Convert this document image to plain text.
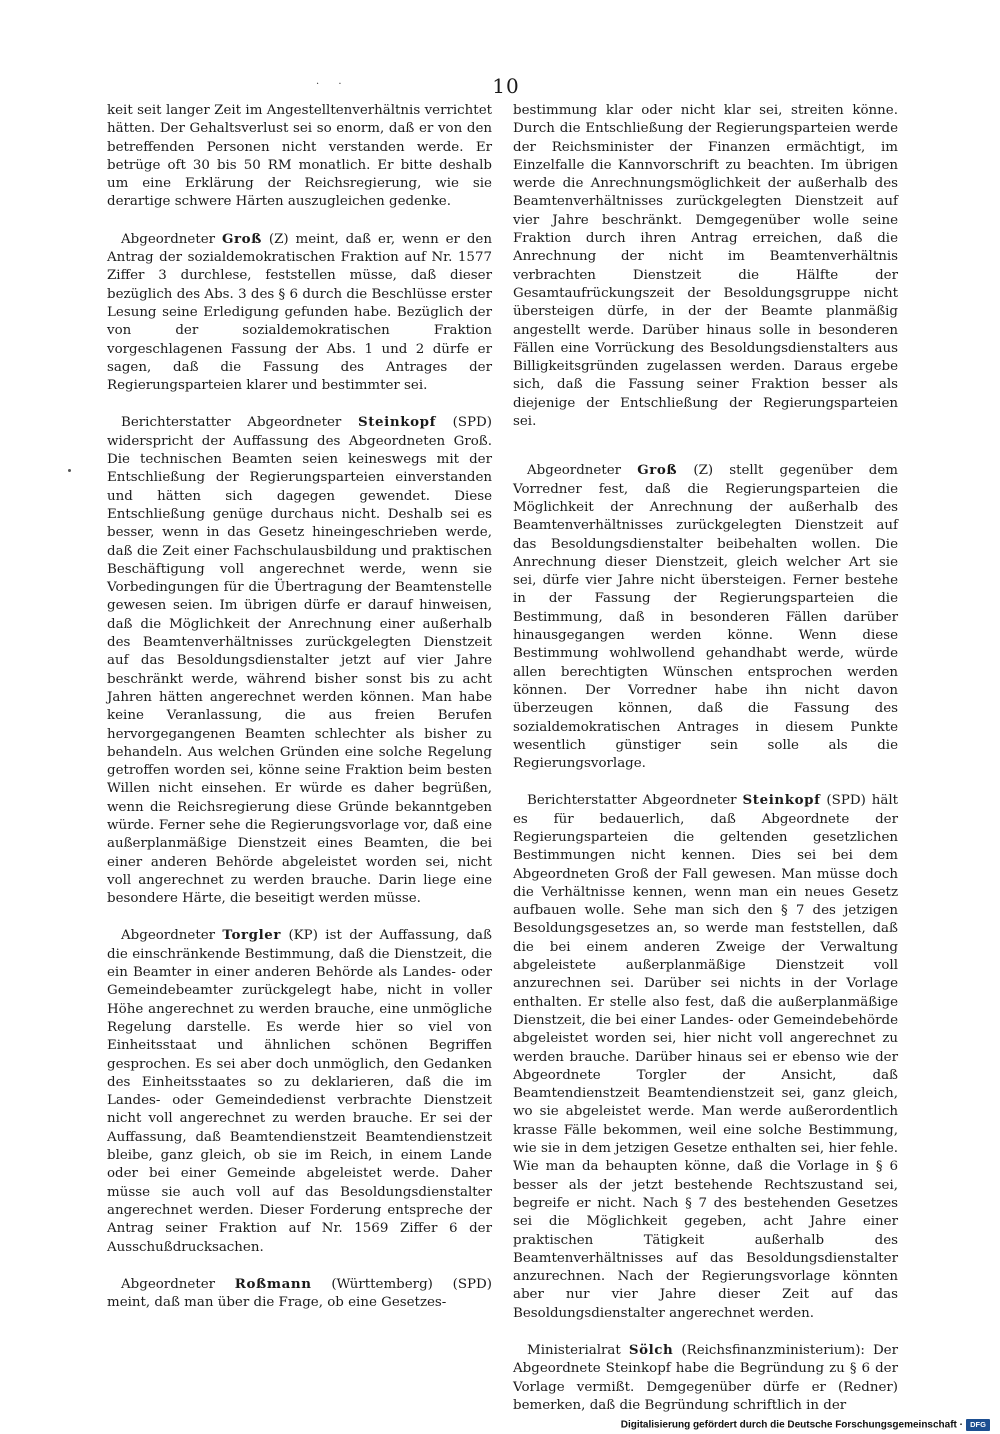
10
· ·

keit seit langer Zeit im Angestelltenverhältnis verrichtet hätten. Der Gehaltsverlust sei so enorm, daß er von den betreffenden Personen nicht verstanden werde. Er betrüge oft 30 bis 50 RM monatlich. Er bitte deshalb um eine Erklärung der Reichsregierung, wie sie derartige schwere Härten auszugleichen gedenke.

Abgeordneter Groß (Z) meint, daß er, wenn er den Antrag der sozialdemokratischen Fraktion auf Nr. 1577 Ziffer 3 durchlese, feststellen müsse, daß dieser bezüglich des Abs. 3 des § 6 durch die Beschlüsse erster Lesung seine Erledigung gefunden habe. Bezüglich der von der sozialdemokratischen Fraktion vorgeschlagenen Fassung der Abs. 1 und 2 dürfe er sagen, daß die Fassung des Antrages der Regierungsparteien klarer und bestimmter sei.

Berichterstatter Abgeordneter Steinkopf (SPD) widerspricht der Auffassung des Abgeordneten Groß. Die technischen Beamten seien keineswegs mit der Entschließung der Regierungsparteien einverstanden und hätten sich dagegen gewendet. Diese Entschließung genüge durchaus nicht. Deshalb sei es besser, wenn in das Gesetz hineingeschrieben werde, daß die Zeit einer Fachschulausbildung und praktischen Beschäftigung voll angerechnet werde, wenn sie Vorbedingungen für die Übertragung der Beamtenstelle gewesen seien. Im übrigen dürfe er darauf hinweisen, daß die Möglichkeit der Anrechnung einer außerhalb des Beamtenverhältnisses zurückgelegten Dienstzeit auf das Besoldungsdienstalter jetzt auf vier Jahre beschränkt werde, während bisher sonst bis zu acht Jahren hätten angerechnet werden können. Man habe keine Veranlassung, die aus freien Berufen hervorgegangenen Beamten schlechter als bisher zu behandeln. Aus welchen Gründen eine solche Regelung getroffen worden sei, könne seine Fraktion beim besten Willen nicht einsehen. Er würde es daher begrüßen, wenn die Reichsregierung diese Gründe bekanntgeben würde. Ferner sehe die Regierungsvorlage vor, daß eine außerplanmäßige Dienstzeit eines Beamten, die bei einer anderen Behörde abgeleistet worden sei, nicht voll angerechnet zu werden brauche. Darin liege eine besondere Härte, die beseitigt werden müsse.

Abgeordneter Torgler (KP) ist der Auffassung, daß die einschränkende Bestimmung, daß die Dienstzeit, die ein Beamter in einer anderen Behörde als Landes- oder Gemeindebeamter zurückgelegt habe, nicht in voller Höhe angerechnet zu werden brauche, eine unmögliche Regelung darstelle. Es werde hier so viel von Einheitsstaat und ähnlichen schönen Begriffen gesprochen. Es sei aber doch unmöglich, den Gedanken des Einheitsstaates so zu deklarieren, daß die im Landes- oder Gemeindedienst verbrachte Dienstzeit nicht voll angerechnet zu werden brauche. Er sei der Auffassung, daß Beamtendienstzeit Beamtendienstzeit bleibe, ganz gleich, ob sie im Reich, in einem Lande oder bei einer Gemeinde abgeleistet werde. Daher müsse sie auch voll auf das Besoldungsdienstalter angerechnet werden. Dieser Forderung entspreche der Antrag seiner Fraktion auf Nr. 1569 Ziffer 6 der Ausschußdrucksachen.

Abgeordneter Roßmann (Württemberg) (SPD) meint, daß man über die Frage, ob eine Gesetzes-

bestimmung klar oder nicht klar sei, streiten könne. Durch die Entschließung der Regierungsparteien werde der Reichsminister der Finanzen ermächtigt, im Einzelfalle die Kannvorschrift zu beachten. Im übrigen werde die Anrechnungsmöglichkeit der außerhalb des Beamtenverhältnisses zurückgelegten Dienstzeit auf vier Jahre beschränkt. Demgegenüber wolle seine Fraktion durch ihren Antrag erreichen, daß die Anrechnung der nicht im Beamtenverhältnis verbrachten Dienstzeit die Hälfte der Gesamtaufrückungszeit der Besoldungsgruppe nicht übersteigen dürfe, in der der Beamte planmäßig angestellt werde. Darüber hinaus solle in besonderen Fällen eine Vorrückung des Besoldungsdienstalters aus Billigkeitsgründen zugelassen werden. Daraus ergebe sich, daß die Fassung seiner Fraktion besser als diejenige der Entschließung der Regierungsparteien sei.

Abgeordneter Groß (Z) stellt gegenüber dem Vorredner fest, daß die Regierungsparteien die Möglichkeit der Anrechnung der außerhalb des Beamtenverhältnisses zurückgelegten Dienstzeit auf das Besoldungsdienstalter beibehalten wollen. Die Anrechnung dieser Dienstzeit, gleich welcher Art sie sei, dürfe vier Jahre nicht übersteigen. Ferner bestehe in der Fassung der Regierungsparteien die Bestimmung, daß in besonderen Fällen darüber hinausgegangen werden könne. Wenn diese Bestimmung wohlwollend gehandhabt werde, würde allen berechtigten Wünschen entsprochen werden können. Der Vorredner habe ihn nicht davon überzeugen können, daß die Fassung des sozialdemokratischen Antrages in diesem Punkte wesentlich günstiger sein solle als die Regierungsvorlage.

Berichterstatter Abgeordneter Steinkopf (SPD) hält es für bedauerlich, daß Abgeordnete der Regierungsparteien die geltenden gesetzlichen Bestimmungen nicht kennen. Dies sei bei dem Abgeordneten Groß der Fall gewesen. Man müsse doch die Verhältnisse kennen, wenn man ein neues Gesetz aufbauen wolle. Sehe man sich den § 7 des jetzigen Besoldungsgesetzes an, so werde man feststellen, daß die bei einem anderen Zweige der Verwaltung abgeleistete außerplanmäßige Dienstzeit voll anzurechnen sei. Darüber sei nichts in der Vorlage enthalten. Er stelle also fest, daß die außerplanmäßige Dienstzeit, die bei einer Landes- oder Gemeindebehörde abgeleistet worden sei, hier nicht voll angerechnet zu werden brauche. Darüber hinaus sei er ebenso wie der Abgeordnete Torgler der Ansicht, daß Beamtendienstzeit Beamtendienstzeit sei, ganz gleich, wo sie abgeleistet werde. Man werde außerordentlich krasse Fälle bekommen, weil eine solche Bestimmung, wie sie in dem jetzigen Gesetze enthalten sei, hier fehle. Wie man da behaupten könne, daß die Vorlage in § 6 besser als der jetzt bestehende Rechtszustand sei, begreife er nicht. Nach § 7 des bestehenden Gesetzes sei die Möglichkeit gegeben, acht Jahre einer praktischen Tätigkeit außerhalb des Beamtenverhältnisses auf das Besoldungsdienstalter anzurechnen. Nach der Regierungsvorlage könnten aber nur vier Jahre dieser Zeit auf das Besoldungsdienstalter angerechnet werden.

Ministerialrat Sölch (Reichsfinanzministerium): Der Abgeordnete Steinkopf habe die Begründung zu § 6 der Vorlage vermißt. Demgegenüber dürfe er (Redner) bemerken, daß die Begründung schriftlich in der

Digitalisierung gefördert durch die Deutsche Forschungsgemeinschaft · DFG
